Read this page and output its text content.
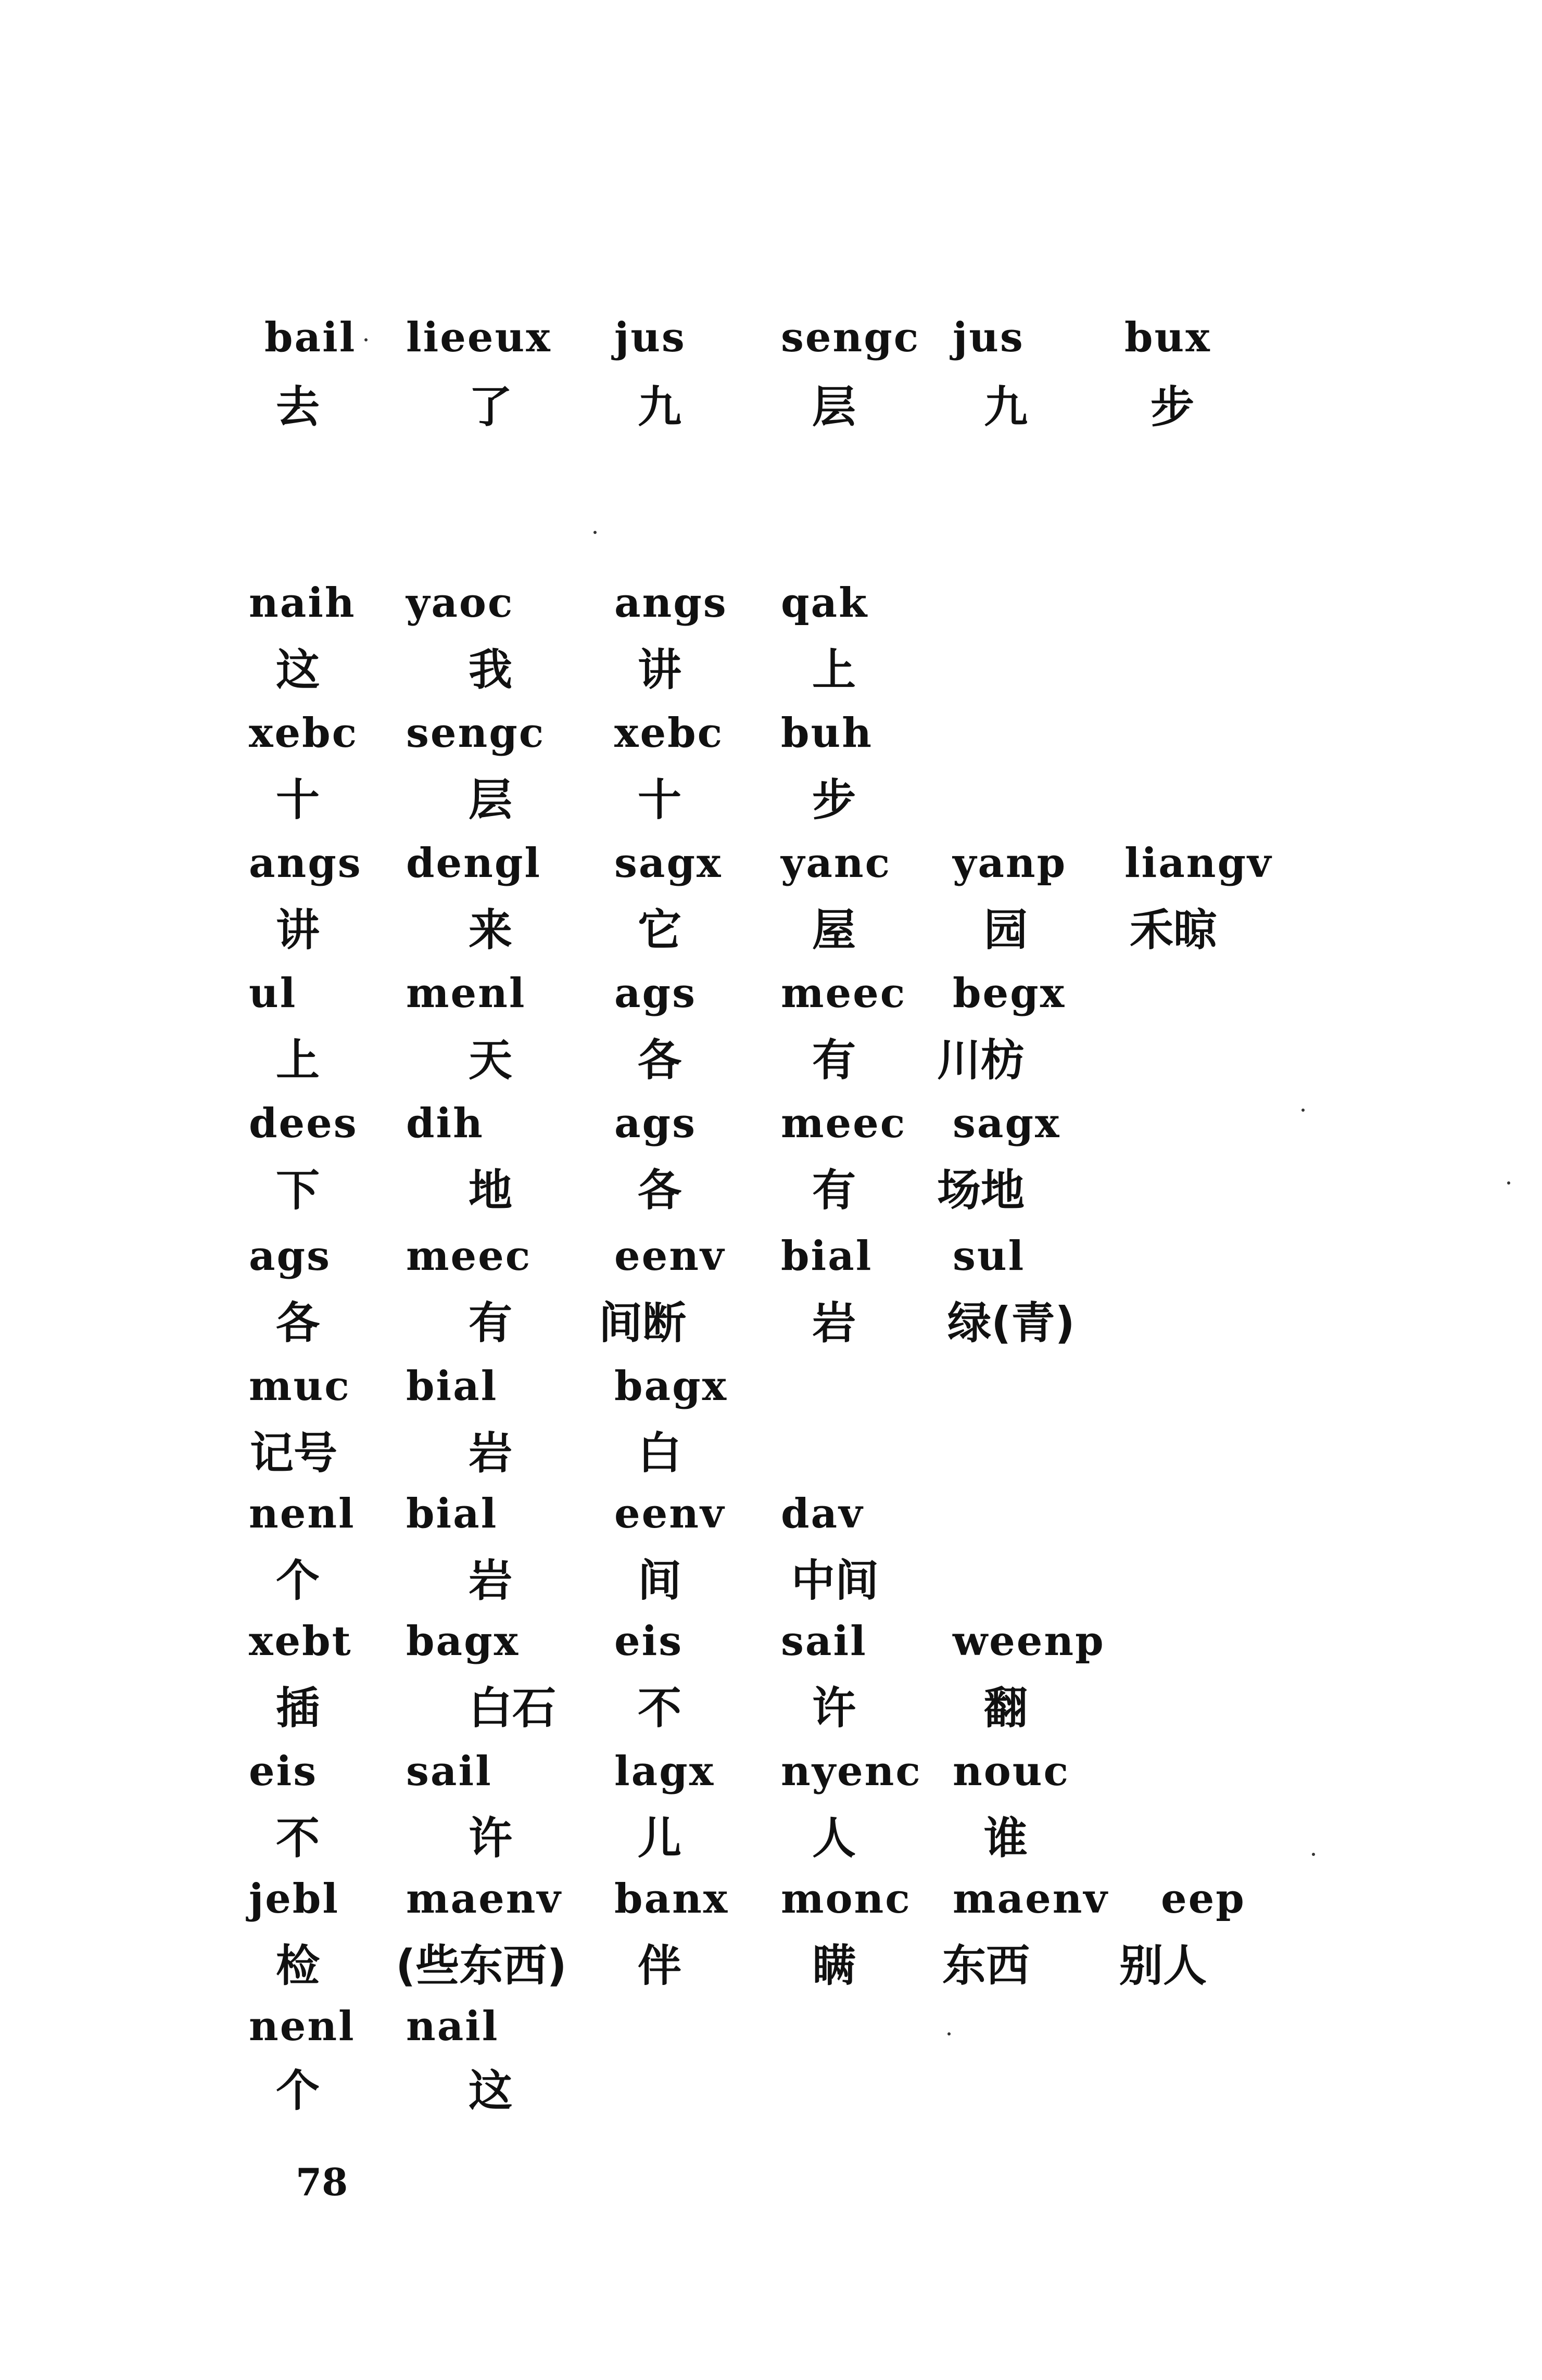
bail lieeux jus sengc jus bux
去	了	九	层	九	步
naih yaoc angs qak
这	我	讲	上
xebc sengc xebc buh
十	层	十	步
angs dengl sagx yanc yanp liangv
讲	来	它	屋	园 禾晾
ul	menl ags meec begx
上	天	各	有 川枋
dees dih	ags meec sagx
下	地	各	有 场地
ags meec eenv bial sul
各	有 间断	岩 绿(青)
muc bial	bagx
记号	岩	白
nenl bial	eenv dav
个	岩	间	中间
xebt bagx eis sail weenp
插	白石 不	许	翻
eis sail	lagx nyenc nouc
不	许	儿	人	谁
jebl maenv banx monc maenv eep
检 (些东西) 伴	瞒 东西 别人
nenl nail
个	这
78
